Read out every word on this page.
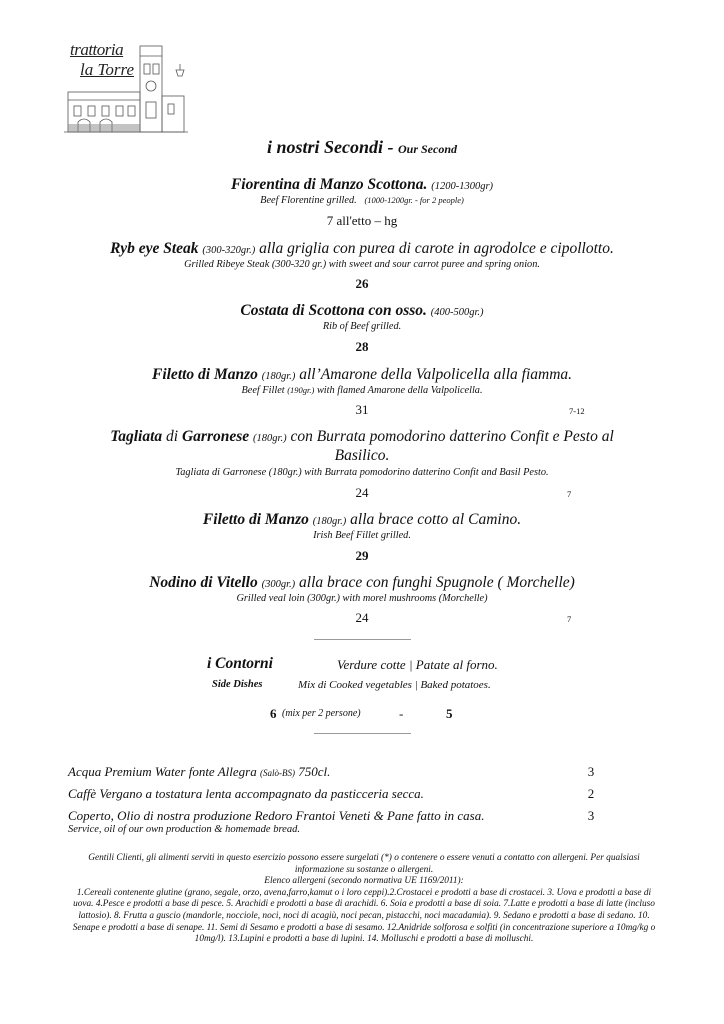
trattoria
la Torre
i nostri Secondi - Our Second
Fiorentina di Manzo Scottona. (1200-1300gr)
Beef Florentine grilled. (1000-1200gr. - for 2 people)
7 all'etto – hg
Ryb eye Steak (300-320gr.) alla griglia con purea di carote in agrodolce e cipollotto.
Grilled Ribeye Steak (300-320 gr.) with sweet and sour carrot puree and spring onion.
26
Costata di Scottona con osso. (400-500gr.)
Rib of Beef grilled.
28
Filetto di Manzo (180gr.) all’Amarone della Valpolicella alla fiamma.
Beef Fillet (190gr.) with flamed Amarone della Valpolicella.
31	7-12
Tagliata di Garronese (180gr.) con Burrata pomodorino datterino Confit e Pesto al
Basilico.
Tagliata di Garronese (180gr.) with Burrata pomodorino datterino Confit and Basil Pesto.
24	7
Filetto di Manzo (180gr.) alla brace cotto al Camino.
Irish Beef Fillet grilled.
29
Nodino di Vitello (300gr.) alla brace con funghi Spugnole ( Morchelle)
Grilled veal loin (300gr.) with morel mushrooms (Morchelle)
24	7
i Contorni	Verdure cotte | Patate al forno.
Side Dishes	Mix di Cooked vegetables | Baked potatoes.
6 (mix per 2 persone)	-	5
Acqua Premium Water fonte Allegra (Salò-BS) 750cl.	3
Caffè Vergano a tostatura lenta accompagnato da pasticceria secca.	2
Coperto, Olio di nostra produzione Redoro Frantoi Veneti & Pane fatto in casa.	3
Service, oil of our own production & homemade bread.
Gentili Clienti, gli alimenti serviti in questo esercizio possono essere surgelati (*) o contenere o essere venuti a contatto con allergeni. Per qualsiasi informazione su sostanze o allergeni.
Elenco allergeni (secondo normativa UE 1169/2011):
1.Cereali contenente glutine (grano, segale, orzo, avena,farro,kamut o i loro ceppi).2.Crostacei e prodotti a base di crostacei. 3. Uova e prodotti a base di uova. 4.Pesce e prodotti a base di pesce. 5. Arachidi e prodotti a base di arachidi. 6. Soia e prodotti a base di soia. 7.Latte e prodotti a base di latte (incluso lattosio). 8. Frutta a guscio (mandorle, nocciole, noci, noci di acagiù, noci pecan, pistacchi, noci macadamia). 9. Sedano e prodotti a base di sedano. 10. Senape e prodotti a base di senape. 11. Semi di Sesamo e prodotti a base di sesamo. 12.Anidride solforosa e solfiti (in concentrazione superiore a 10mg/kg o 10mg/l). 13.Lupini e prodotti a base di lupini. 14. Molluschi e prodotti a base di molluschi.
